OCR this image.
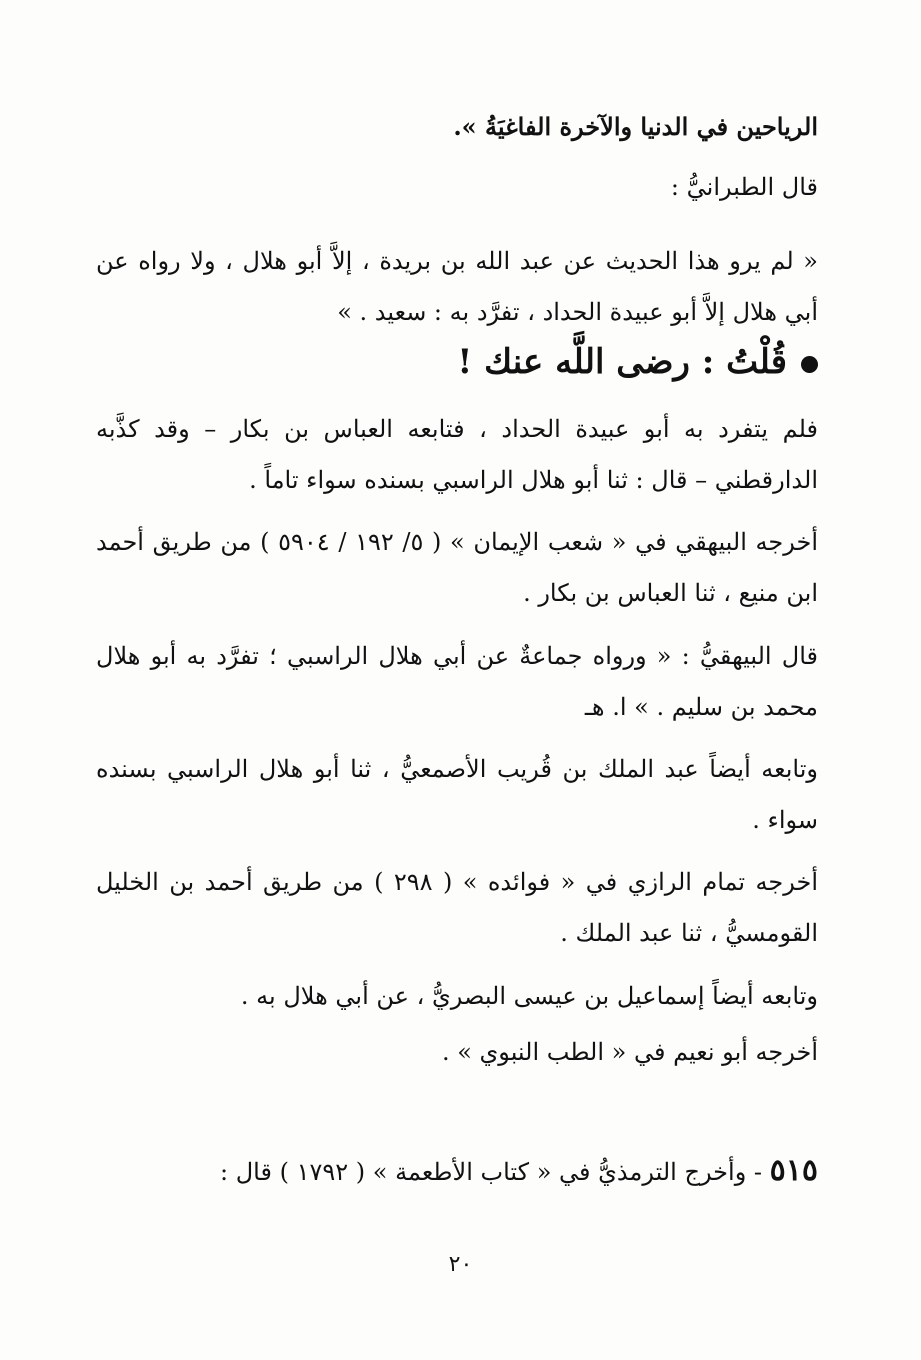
الرياحين في الدنيا والآخرة الفاغيَةُ ».
قال الطبرانيُّ :
« لم يرو هذا الحديث عن عبد الله بن بريدة ، إلاَّ أبو هلال ، ولا رواه عن أبي هلال إلاَّ أبو عبيدة الحداد ، تفرَّد به : سعيد . »
قُلْتُ : رضى اللَّه عنك !
فلم يتفرد به أبو عبيدة الحداد ، فتابعه العباس بن بكار – وقد كذَّبه الدارقطني – قال : ثنا أبو هلال الراسبي بسنده سواء تاماً .
أخرجه البيهقي في « شعب الإيمان » ( ٥/ ١٩٢ / ٥٩٠٤ ) من طريق أحمد ابن منيع ، ثنا العباس بن بكار .
قال البيهقيُّ : « ورواه جماعةٌ عن أبي هلال الراسبي ؛ تفرَّد به أبو هلال محمد بن سليم . » ا. هـ
وتابعه أيضاً عبد الملك بن قُريب الأصمعيُّ ، ثنا أبو هلال الراسبي بسنده سواء .
أخرجه تمام الرازي في « فوائده » ( ٢٩٨ ) من طريق أحمد بن الخليل القومسيُّ ، ثنا عبد الملك .
وتابعه أيضاً إسماعيل بن عيسى البصريُّ ، عن أبي هلال به .
أخرجه أبو نعيم في « الطب النبوي » .
٥١٥ - وأخرج الترمذيُّ في « كتاب الأطعمة » ( ١٧٩٢ ) قال :
٢٠
